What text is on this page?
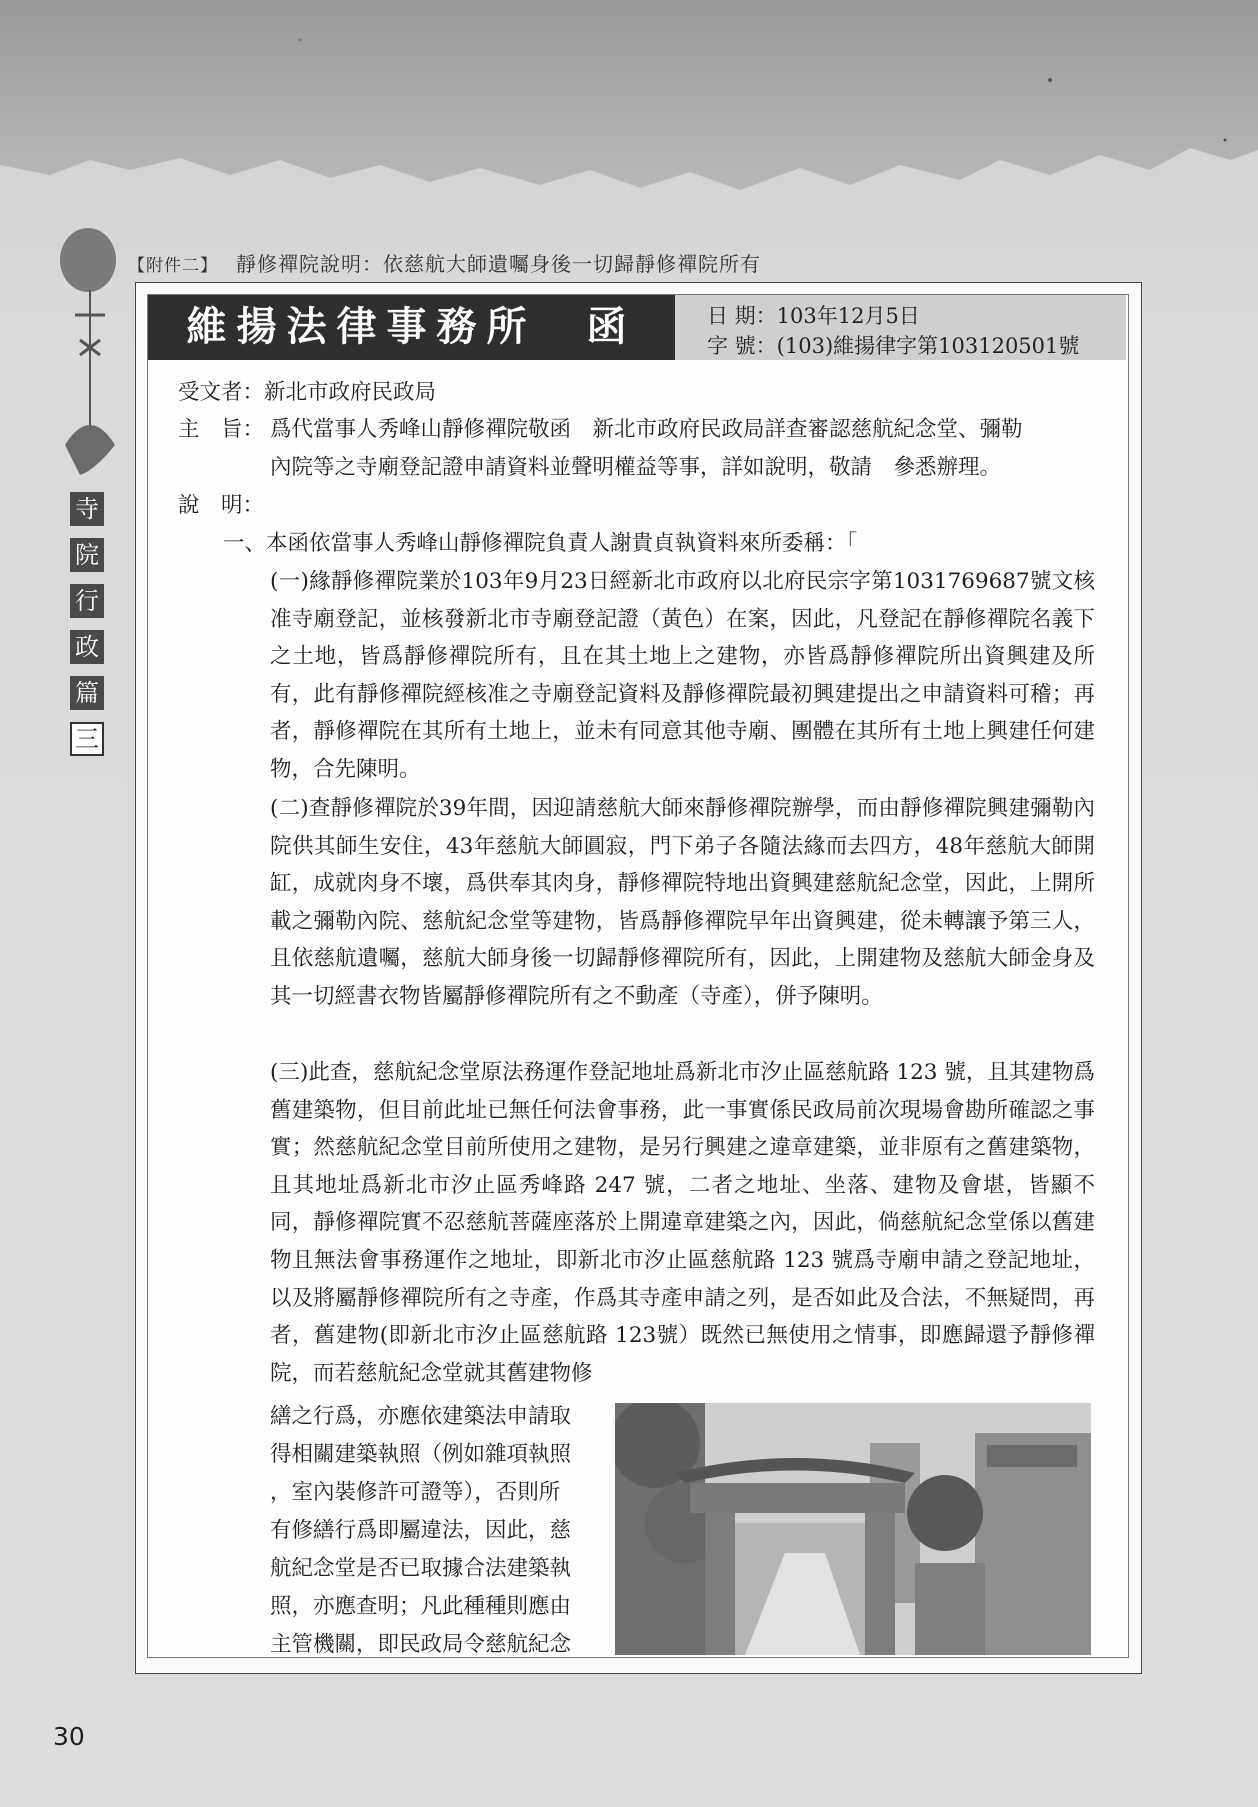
寺
院
行
政
篇
三
【附件二】 靜修禪院說明：依慈航大師遺囑身後一切歸靜修禪院所有
維揚法律事務所　函	日 期：103年12月5日
字 號：(103)維揚律字第103120501號
受文者：新北市政府民政局
主　旨： 爲代當事人秀峰山靜修禪院敬函　新北市政府民政局詳查審認慈航紀念堂、彌勒
內院等之寺廟登記證申請資料並聲明權益等事，詳如說明，敬請　參悉辦理。
說　明：
一、本函依當事人秀峰山靜修禪院負責人謝貴貞執資料來所委稱：「
(一)緣靜修禪院業於103年9月23日經新北市政府以北府民宗字第1031769687號文核准寺廟登記，並核發新北市寺廟登記證（黃色）在案，因此，凡登記在靜修禪院名義下之土地，皆爲靜修禪院所有，且在其土地上之建物，亦皆爲靜修禪院所出資興建及所有，此有靜修禪院經核准之寺廟登記資料及靜修禪院最初興建提出之申請資料可稽；再者，靜修禪院在其所有土地上，並未有同意其他寺廟、團體在其所有土地上興建任何建物，合先陳明。
(二)查靜修禪院於39年間，因迎請慈航大師來靜修禪院辦學，而由靜修禪院興建彌勒內院供其師生安住，43年慈航大師圓寂，門下弟子各隨法緣而去四方，48年慈航大師開缸，成就肉身不壞，爲供奉其肉身，靜修禪院特地出資興建慈航紀念堂，因此，上開所載之彌勒內院、慈航紀念堂等建物，皆爲靜修禪院早年出資興建，從未轉讓予第三人，且依慈航遺囑，慈航大師身後一切歸靜修禪院所有，因此，上開建物及慈航大師金身及其一切經書衣物皆屬靜修禪院所有之不動產（寺產），併予陳明。
(三)此查，慈航紀念堂原法務運作登記地址爲新北市汐止區慈航路 123 號，且其建物爲舊建築物，但目前此址已無任何法會事務，此一事實係民政局前次現場會勘所確認之事實；然慈航紀念堂目前所使用之建物，是另行興建之違章建築，並非原有之舊建築物，且其地址爲新北市汐止區秀峰路 247 號，二者之地址、坐落、建物及會堪，皆顯不同，靜修禪院實不忍慈航菩薩座落於上開違章建築之內，因此，倘慈航紀念堂係以舊建物且無法會事務運作之地址，即新北市汐止區慈航路 123 號爲寺廟申請之登記地址，以及將屬靜修禪院所有之寺產，作爲其寺產申請之列，是否如此及合法，不無疑問，再者，舊建物(即新北市汐止區慈航路 123號）既然已無使用之情事，即應歸還予靜修禪院，而若慈航紀念堂就其舊建物修
繕之行爲，亦應依建築法申請取
得相關建築執照（例如雜項執照
，室內裝修許可證等），否則所
有修繕行爲即屬違法，因此，慈
航紀念堂是否已取據合法建築執
照，亦應查明；凡此種種則應由
主管機關，即民政局令慈航紀念
30
